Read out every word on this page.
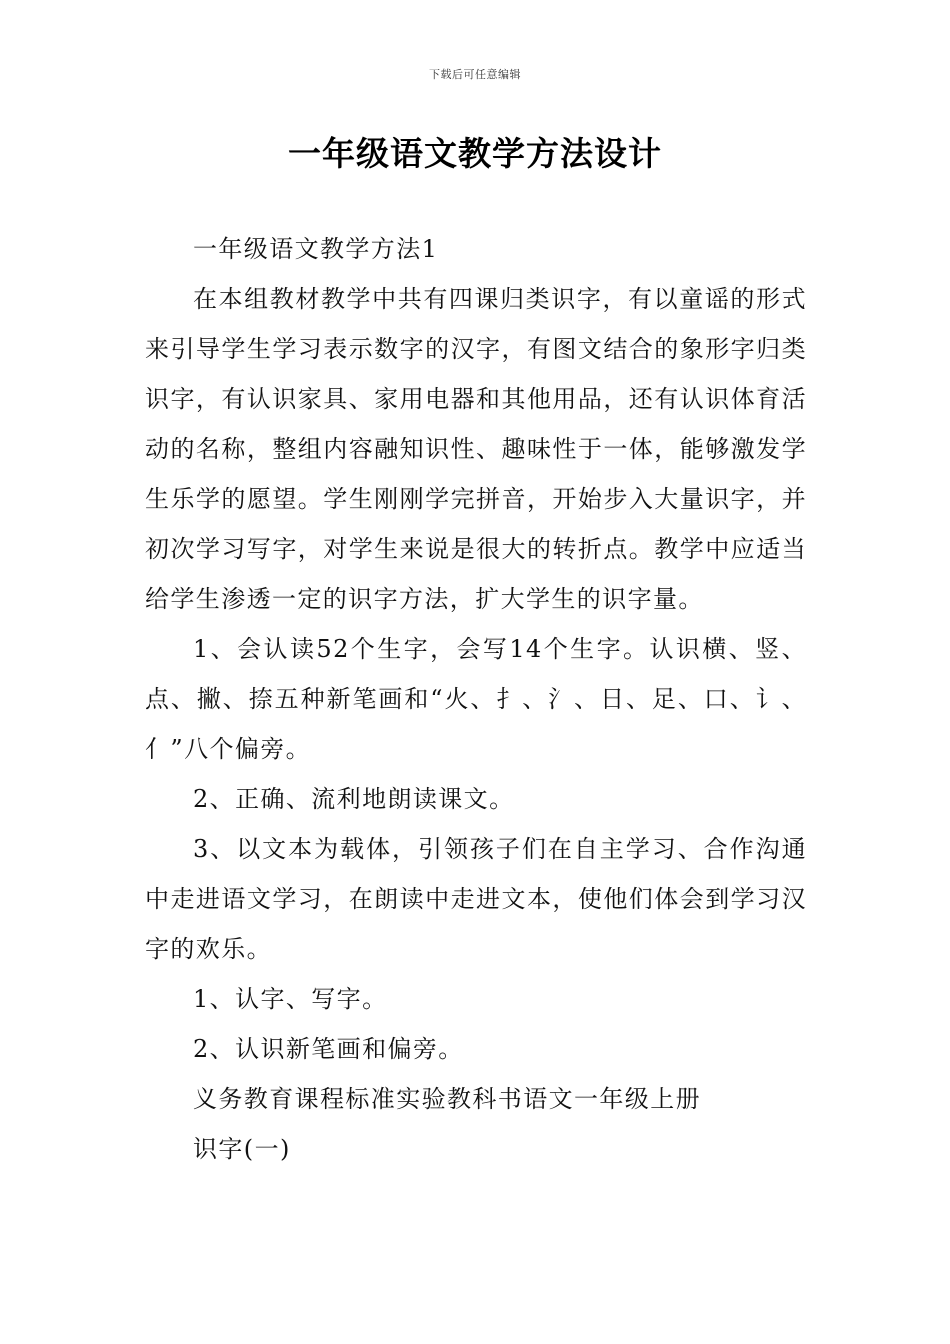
下载后可任意编辑
一年级语文教学方法设计

一年级语文教学方法1

在本组教材教学中共有四课归类识字，有以童谣的形式来引导学生学习表示数字的汉字，有图文结合的象形字归类识字，有认识家具、家用电器和其他用品，还有认识体育活动的名称，整组内容融知识性、趣味性于一体，能够激发学生乐学的愿望。学生刚刚学完拼音，开始步入大量识字，并初次学习写字，对学生来说是很大的转折点。教学中应适当给学生渗透一定的识字方法，扩大学生的识字量。

1、会认读52个生字，会写14个生字。认识横、竖、点、撇、捺五种新笔画和“火、扌、氵、日、足、口、讠、亻”八个偏旁。

2、正确、流利地朗读课文。

3、以文本为载体，引领孩子们在自主学习、合作沟通中走进语文学习，在朗读中走进文本，使他们体会到学习汉字的欢乐。

1、认字、写字。

2、认识新笔画和偏旁。

义务教育课程标准实验教科书语文一年级上册

识字(一)
